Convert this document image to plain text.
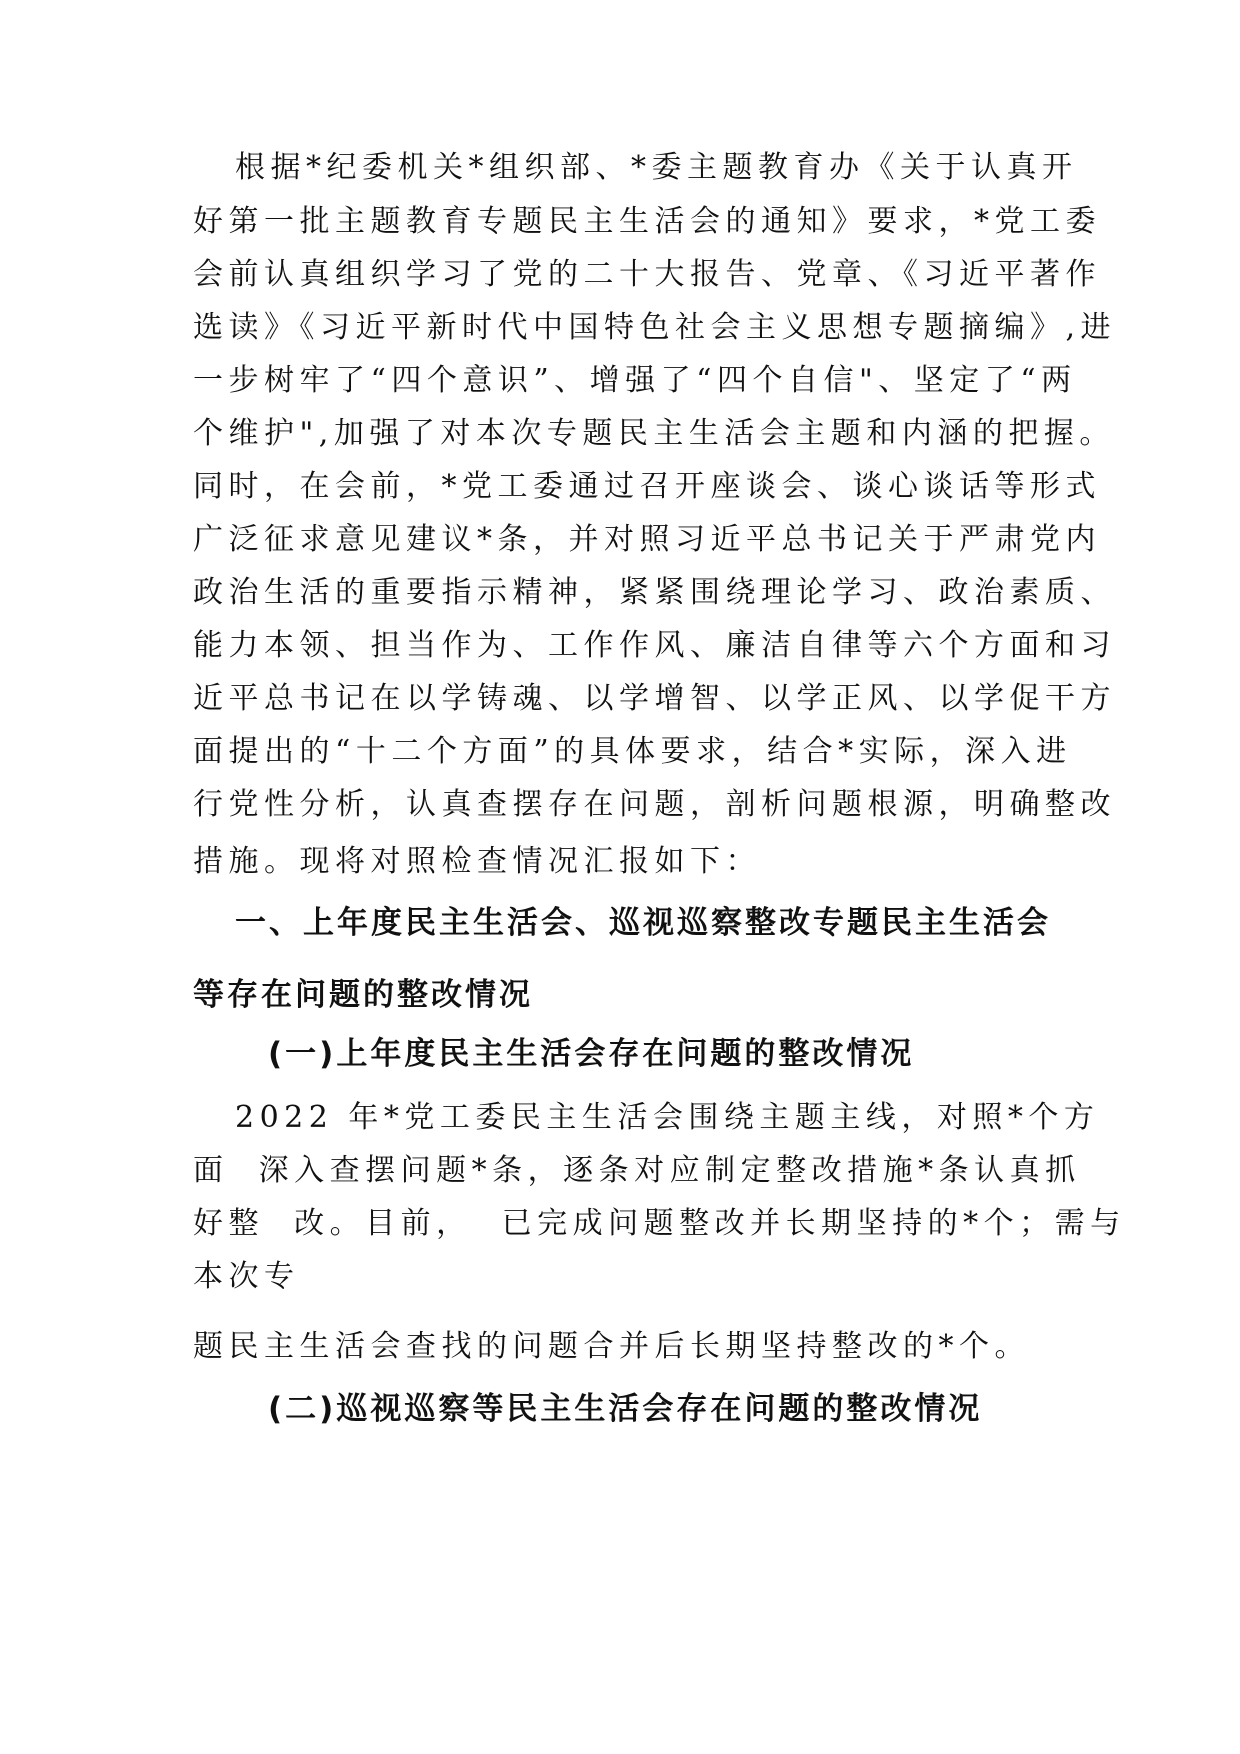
根据*纪委机关*组织部、*委主题教育办《关于认真开
好第一批主题教育专题民主生活会的通知》要求，*党工委
会前认真组织学习了党的二十大报告、党章、《习近平著作
选读》《习近平新时代中国特色社会主义思想专题摘编》,进
一步树牢了“四个意识”、增强了“四个自信"、坚定了“两
个维护",加强了对本次专题民主生活会主题和内涵的把握。
同时，在会前，*党工委通过召开座谈会、谈心谈话等形式
广泛征求意见建议*条，并对照习近平总书记关于严肃党内
政治生活的重要指示精神，紧紧围绕理论学习、政治素质、
能力本领、担当作为、工作作风、廉洁自律等六个方面和习
近平总书记在以学铸魂、以学增智、以学正风、以学促干方
面提出的“十二个方面”的具体要求，结合*实际，深入进
行党性分析，认真查摆存在问题，剖析问题根源，明确整改
措施。现将对照检查情况汇报如下：
一、上年度民主生活会、巡视巡察整改专题民主生活会
等存在问题的整改情况
(一)上年度民主生活会存在问题的整改情况
2022 年*党工委民主生活会围绕主题主线，对照*个方
面  深入查摆问题*条，逐条对应制定整改措施*条认真抓
好整  改。目前，  已完成问题整改并长期坚持的*个；需与
本次专
题民主生活会查找的问题合并后长期坚持整改的*个。
(二)巡视巡察等民主生活会存在问题的整改情况
